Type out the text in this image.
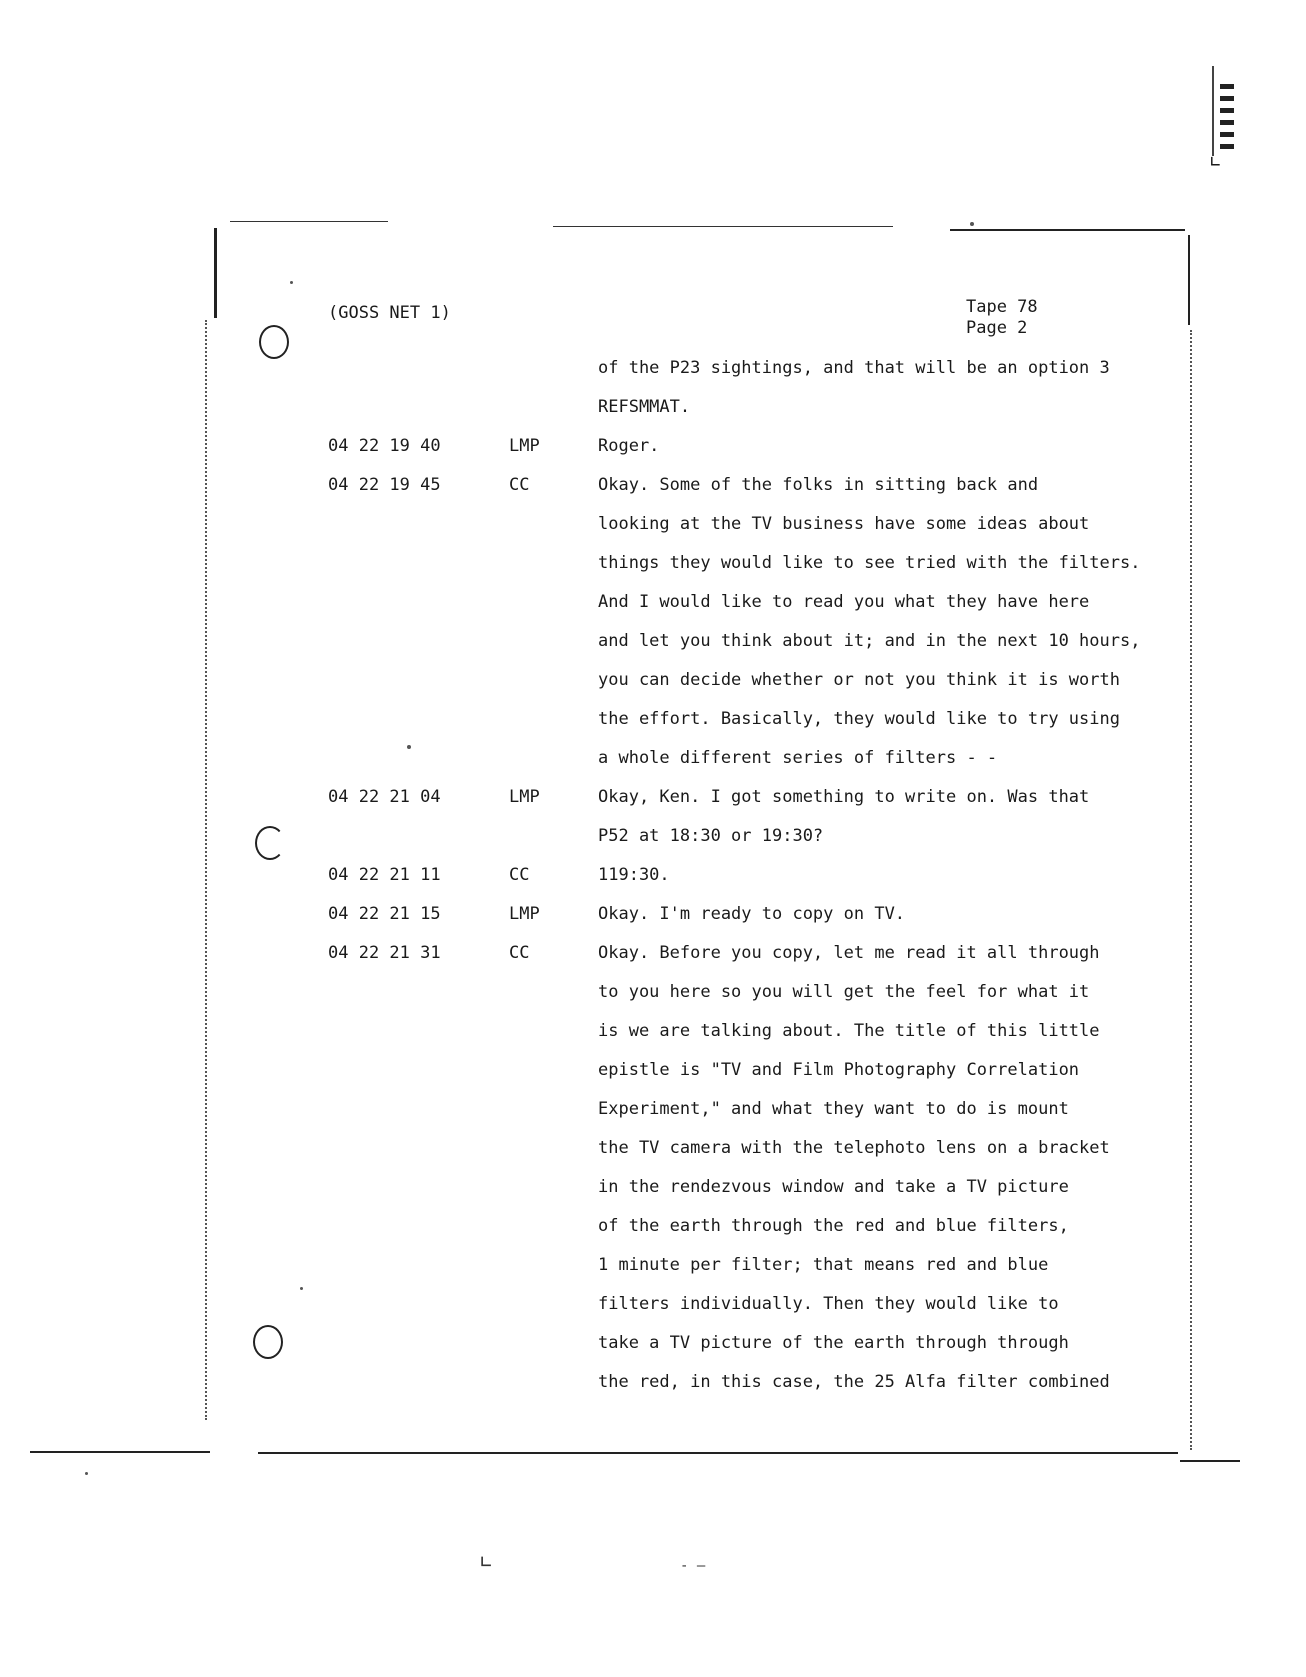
∟
∟	- —
(GOSS NET 1)	Tape 78
Page 2
of the P23 sightings, and that will be an option 3
REFSMMAT.
04 22 19 40	LMP	Roger.
04 22 19 45	CC	Okay. Some of the folks in sitting back and
looking at the TV business have some ideas about
things they would like to see tried with the filters.
And I would like to read you what they have here
and let you think about it; and in the next 10 hours,
you can decide whether or not you think it is worth
the effort. Basically, they would like to try using
a whole different series of filters - -
04 22 21 04	LMP	Okay, Ken. I got something to write on. Was that
P52 at 18:30 or 19:30?
04 22 21 11	CC	119:30.
04 22 21 15	LMP	Okay. I'm ready to copy on TV.
04 22 21 31	CC	Okay. Before you copy, let me read it all through
to you here so you will get the feel for what it
is we are talking about. The title of this little
epistle is "TV and Film Photography Correlation
Experiment," and what they want to do is mount
the TV camera with the telephoto lens on a bracket
in the rendezvous window and take a TV picture
of the earth through the red and blue filters,
1 minute per filter; that means red and blue
filters individually. Then they would like to
take a TV picture of the earth through through
the red, in this case, the 25 Alfa filter combined
